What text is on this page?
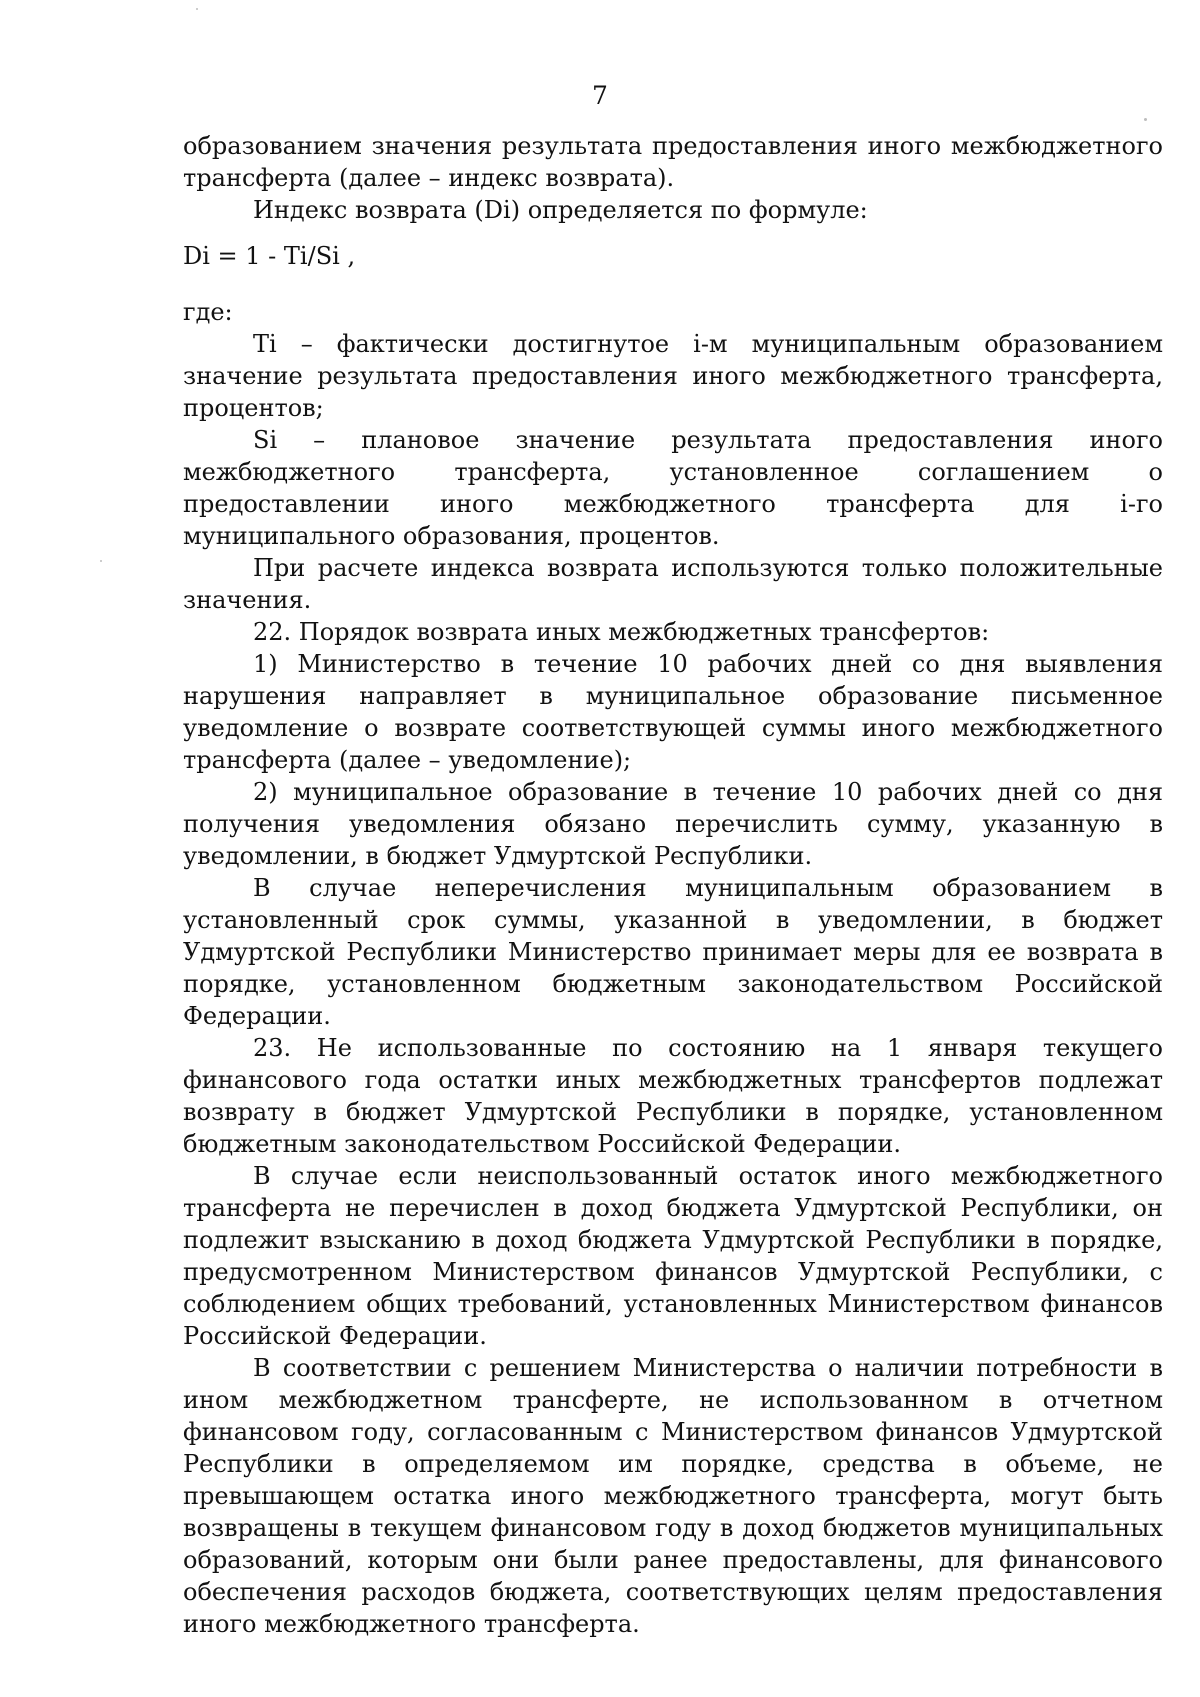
7

образованием значения результата предоставления иного межбюджетного трансферта (далее – индекс возврата).

Индекс возврата (Di) определяется по формуле:

Di = 1 - Ti/Si ,

где:

Ti – фактически достигнутое i-м муниципальным образованием значение результата предоставления иного межбюджетного трансферта, процентов;

Si – плановое значение результата предоставления иного межбюджетного трансферта, установленное соглашением о предоставлении иного межбюджетного трансферта для i-го муниципального образования, процентов.

При расчете индекса возврата используются только положительные значения.

22. Порядок возврата иных межбюджетных трансфертов:

1) Министерство в течение 10 рабочих дней со дня выявления нарушения направляет в муниципальное образование письменное уведомление о возврате соответствующей суммы иного межбюджетного трансферта (далее – уведомление);

2) муниципальное образование в течение 10 рабочих дней со дня получения уведомления обязано перечислить сумму, указанную в уведомлении, в бюджет Удмуртской Республики.

В случае неперечисления муниципальным образованием в установленный срок суммы, указанной в уведомлении, в бюджет Удмуртской Республики Министерство принимает меры для ее возврата в порядке, установленном бюджетным законодательством Российской Федерации.

23. Не использованные по состоянию на 1 января текущего финансового года остатки иных межбюджетных трансфертов подлежат возврату в бюджет Удмуртской Республики в порядке, установленном бюджетным законодательством Российской Федерации.

В случае если неиспользованный остаток иного межбюджетного трансферта не перечислен в доход бюджета Удмуртской Республики, он подлежит взысканию в доход бюджета Удмуртской Республики в порядке, предусмотренном Министерством финансов Удмуртской Республики, с соблюдением общих требований, установленных Министерством финансов Российской Федерации.

В соответствии с решением Министерства о наличии потребности в ином межбюджетном трансферте, не использованном в отчетном финансовом году, согласованным с Министерством финансов Удмуртской Республики в определяемом им порядке, средства в объеме, не превышающем остатка иного межбюджетного трансферта, могут быть возвращены в текущем финансовом году в доход бюджетов муниципальных образований, которым они были ранее предоставлены, для финансового обеспечения расходов бюджета, соответствующих целям предоставления иного межбюджетного трансферта.
